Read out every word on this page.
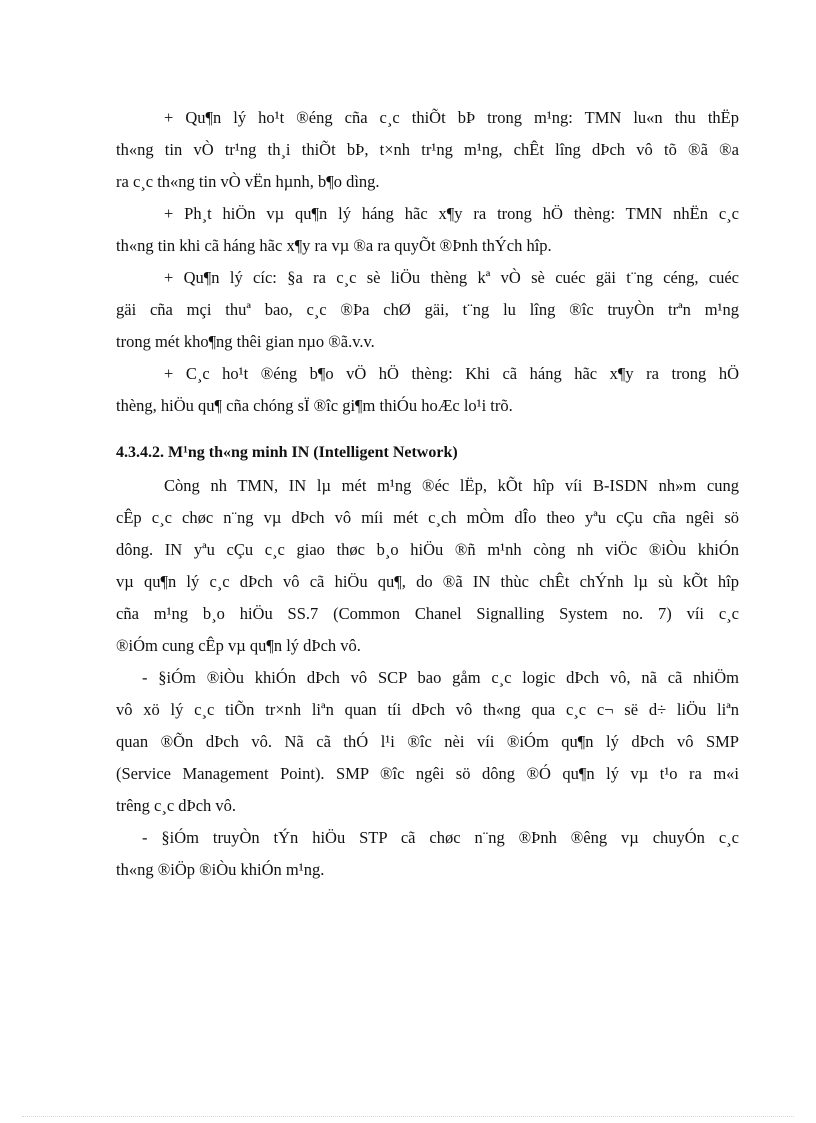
+ Qu¶n lý ho¹t ®éng cña c¸c thiÕt bÞ trong m¹ng: TMN lu«n thu thËp
th«ng tin vÒ tr¹ng th¸i thiÕt bÞ, t×nh tr¹ng m¹ng, chÊt lîng dÞch vô tõ ®ã ®a
ra c¸c th«ng tin vÒ vËn hµnh, b¶o dìng.
+ Ph¸t hiÖn vµ qu¶n lý háng hãc x¶y ra trong hÖ thèng: TMN nhËn c¸c
th«ng tin khi cã háng hãc x¶y ra vµ ®a ra quyÕt ®Þnh thÝch hîp.
+ Qu¶n lý cíc: §a ra c¸c sè liÖu thèng kª vÒ sè cuéc gäi t¨ng céng, cuéc
gäi cña mçi thuª bao, c¸c ®Þa chØ gäi, t¨ng lu lîng ®îc truyÒn trªn m¹ng
trong mét kho¶ng thêi gian nµo ®ã.v.v.
+ C¸c ho¹t ®éng b¶o vÖ hÖ thèng: Khi cã háng hãc x¶y ra trong hÖ
thèng, hiÖu qu¶ cña chóng sÏ ®îc gi¶m thiÓu hoÆc lo¹i trõ.
4.3.4.2. M¹ng th«ng minh IN (Intelligent Network)
Còng nh TMN, IN lµ mét m¹ng ®éc lËp, kÕt hîp víi B-ISDN nh»m cung
cÊp c¸c chøc n¨ng vµ dÞch vô míi mét c¸ch mÒm dÎo theo yªu cÇu cña ngêi sö
dông. IN yªu cÇu c¸c giao thøc b¸o hiÖu ®ñ m¹nh còng nh viÖc ®iÒu khiÓn
vµ qu¶n lý c¸c dÞch vô cã hiÖu qu¶, do ®ã IN thùc chÊt chÝnh lµ sù kÕt hîp
cña m¹ng b¸o hiÖu SS.7 (Common Chanel Signalling System no. 7) víi c¸c
®iÓm cung cÊp vµ qu¶n lý dÞch vô.
- §iÓm ®iÒu khiÓn dÞch vô SCP bao gåm c¸c logic dÞch vô, nã cã nhiÖm
vô xö lý c¸c tiÕn tr×nh liªn quan tíi dÞch vô th«ng qua c¸c c¬ së d÷ liÖu liªn
quan ®Õn dÞch vô. Nã cã thÓ l¹i ®îc nèi víi ®iÓm qu¶n lý dÞch vô SMP
(Service Management Point). SMP ®îc ngêi sö dông ®Ó qu¶n lý vµ t¹o ra m«i
trêng c¸c dÞch vô.
- §iÓm truyÒn tÝn hiÖu STP cã chøc n¨ng ®Þnh ®êng vµ chuyÓn c¸c
th«ng ®iÖp ®iÒu khiÓn m¹ng.
